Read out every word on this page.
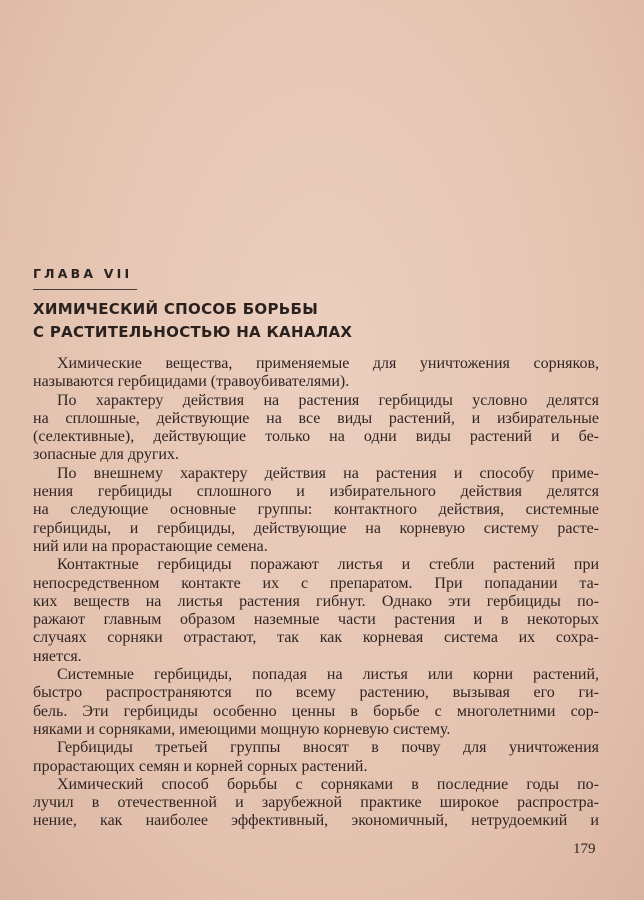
ГЛАВА VII
ХИМИЧЕСКИЙ СПОСОБ БОРЬБЫ
С РАСТИТЕЛЬНОСТЬЮ НА КАНАЛАХ
Химические вещества, применяемые для уничтожения сорняков,
называются гербицидами (травоубивателями).
По характеру действия на растения гербициды условно делятся
на сплошные, действующие на все виды растений, и избирательные
(селективные), действующие только на одни виды растений и бе-
зопасные для других.
По внешнему характеру действия на растения и способу приме-
нения гербициды сплошного и избирательного действия делятся
на следующие основные группы: контактного действия, системные
гербициды, и гербициды, действующие на корневую систему расте-
ний или на прорастающие семена.
Контактные гербициды поражают листья и стебли растений при
непосредственном контакте их с препаратом. При попадании та-
ких веществ на листья растения гибнут. Однако эти гербициды по-
ражают главным образом наземные части растения и в некоторых
случаях сорняки отрастают, так как корневая система их сохра-
няется.
Системные гербициды, попадая на листья или корни растений,
быстро распространяются по всему растению, вызывая его ги-
бель. Эти гербициды особенно ценны в борьбе с многолетними сор-
няками и сорняками, имеющими мощную корневую систему.
Гербициды третьей группы вносят в почву для уничтожения
прорастающих семян и корней сорных растений.
Химический способ борьбы с сорняками в последние годы по-
лучил в отечественной и зарубежной практике широкое распростра-
нение, как наиболее эффективный, экономичный, нетрудоемкий и
179
